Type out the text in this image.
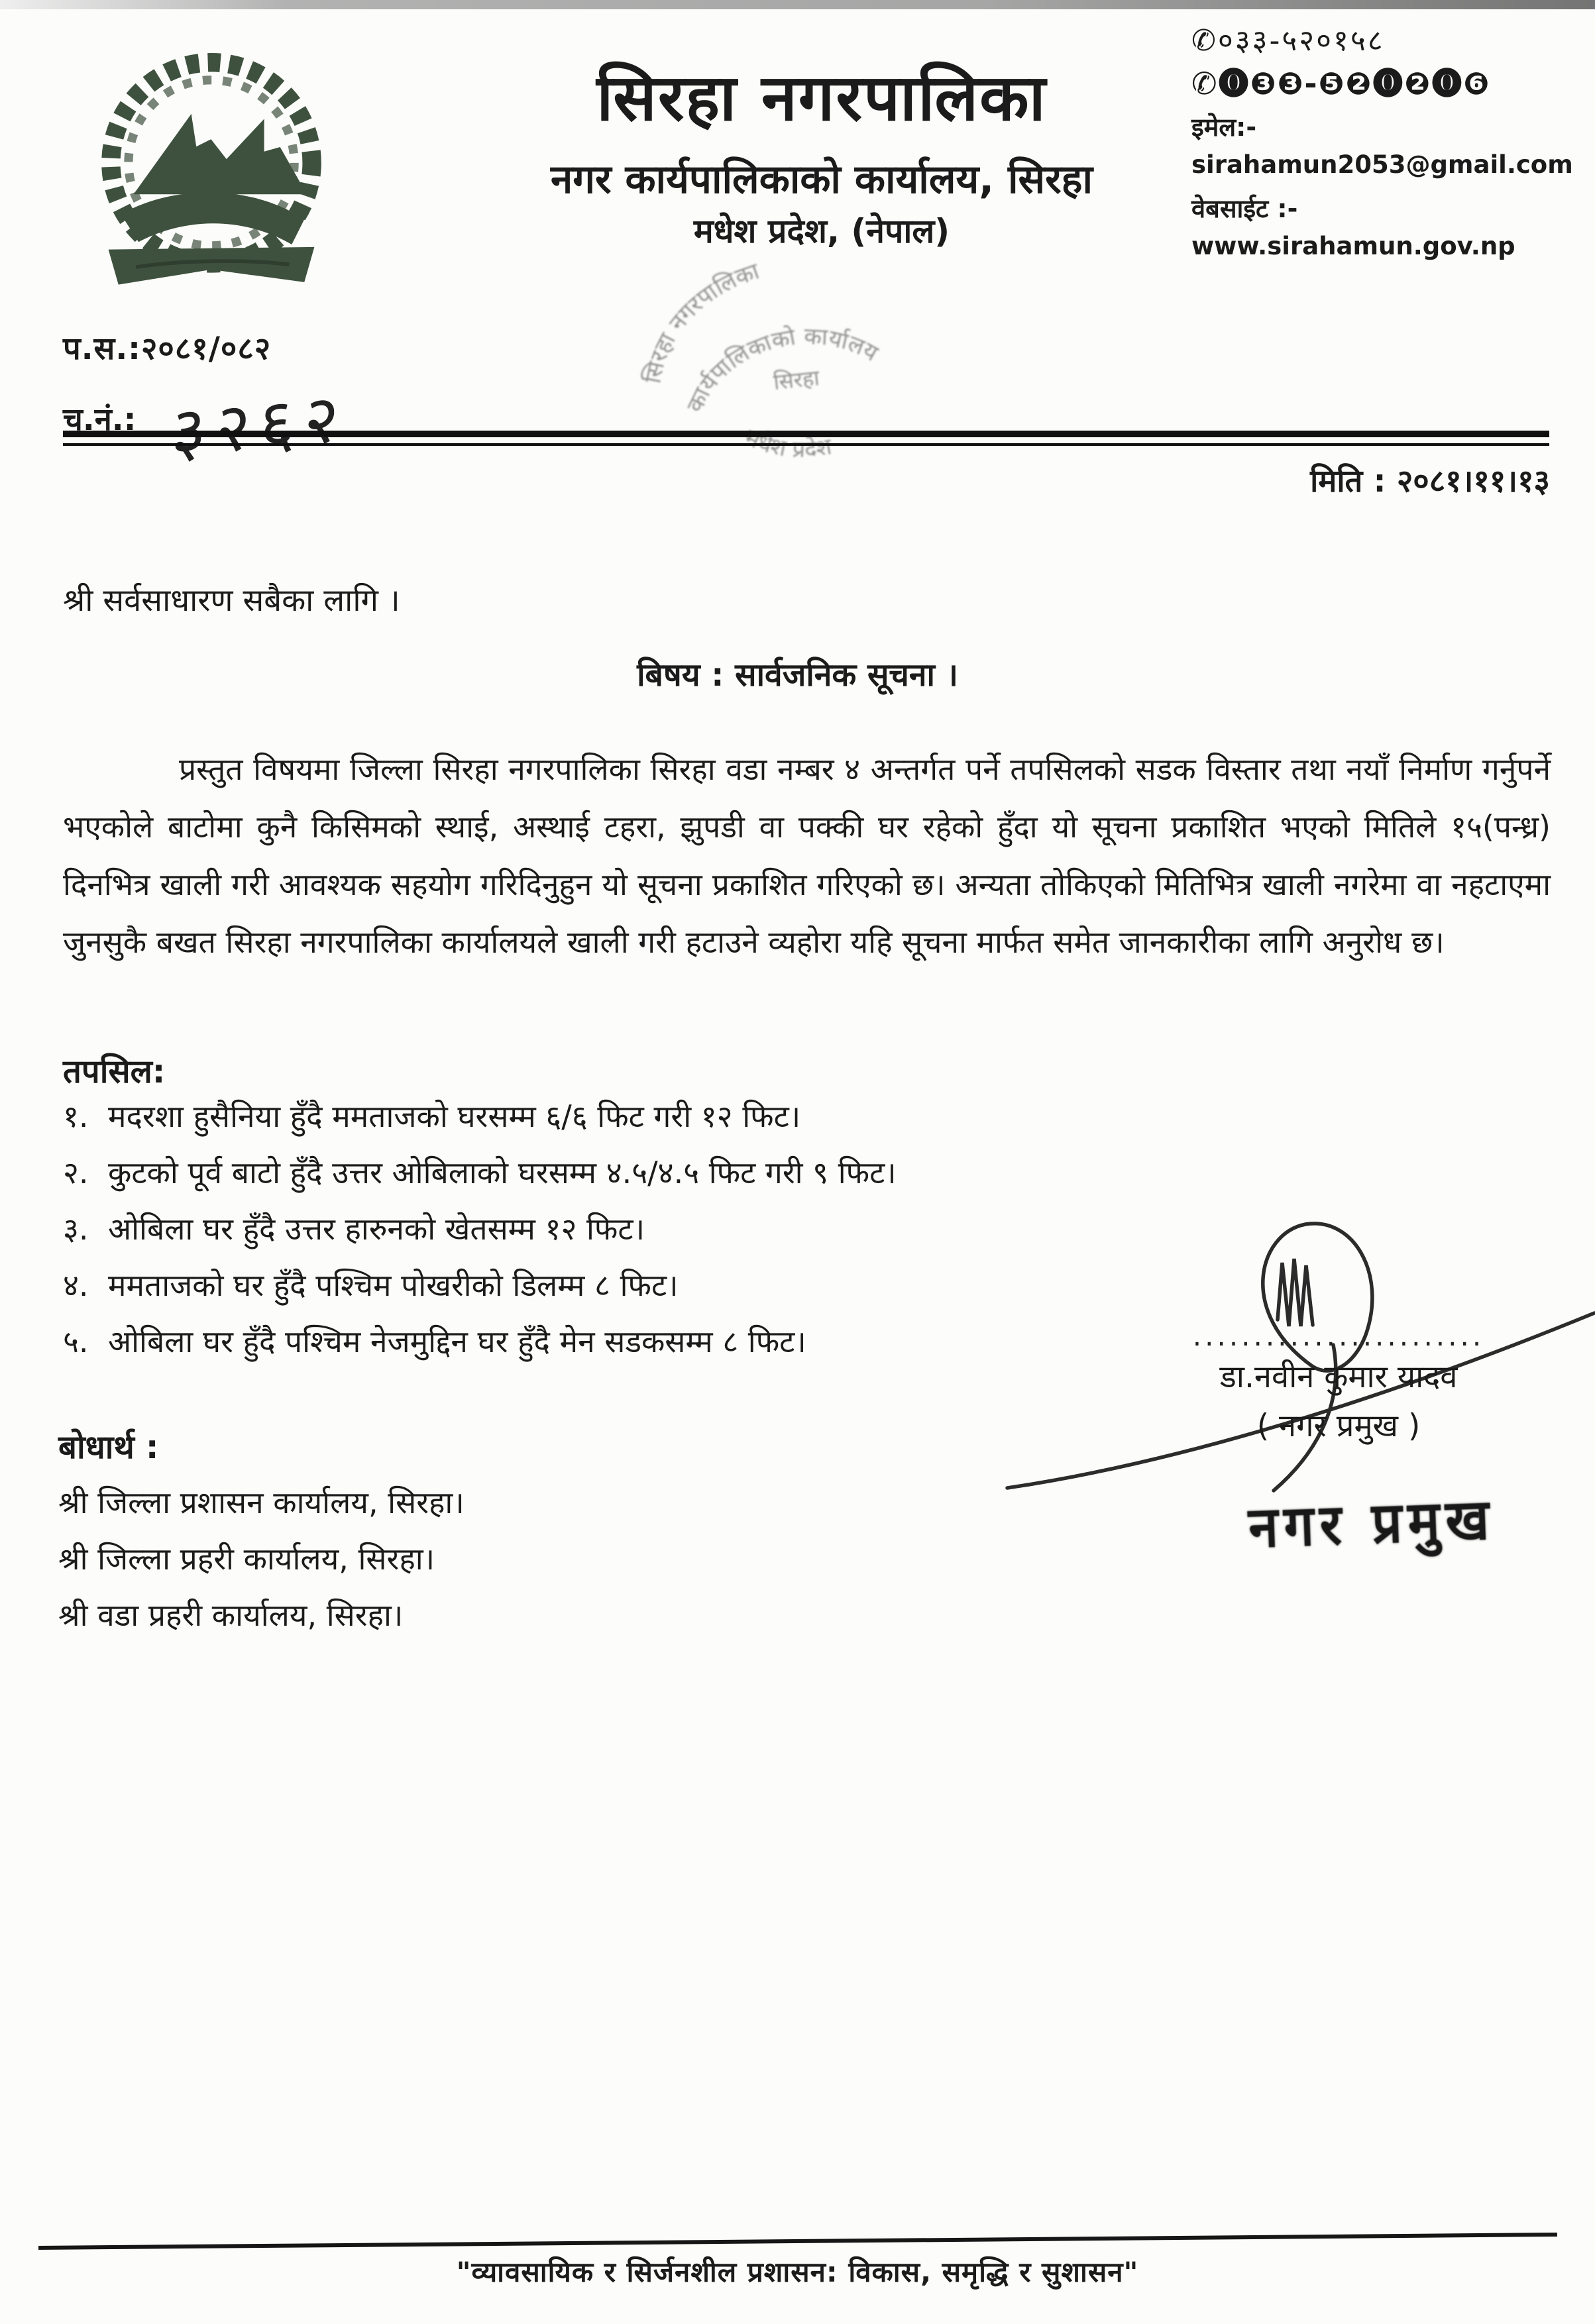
सिरहा नगरपालिका
नगर कार्यपालिकाको कार्यालय, सिरहा
मधेश प्रदेश, (नेपाल)
✆०३३-५२०१५८
✆⓿❸❸-❺❷⓿❷⓿❻
इमेल:- sirahamun2053@gmail.com
वेबसाईट :- www.sirahamun.gov.np
सिरहा नगरपालिका
कार्यपालिकाको कार्यालय
सिरहा
मधेश प्रदेश
प.स.:२०८१/०८२
च.नं.: ३२६२
मिति : २०८१।११।१३
श्री सर्वसाधारण सबैका लागि ।
बिषय : सार्वजनिक सूचना ।
प्रस्तुत विषयमा जिल्ला सिरहा नगरपालिका सिरहा वडा नम्बर ४ अन्तर्गत पर्ने तपसिलको सडक विस्तार तथा नयाँ निर्माण गर्नुपर्ने भएकोले बाटोमा कुनै किसिमको स्थाई, अस्थाई टहरा, झुपडी वा पक्की घर रहेको हुँदा यो सूचना प्रकाशित भएको मितिले १५(पन्ध्र) दिनभित्र खाली गरी आवश्यक सहयोग गरिदिनुहुन यो सूचना प्रकाशित गरिएको छ। अन्यता तोकिएको मितिभित्र खाली नगरेमा वा नहटाएमा जुनसुकै बखत सिरहा नगरपालिका कार्यालयले खाली गरी हटाउने व्यहोरा यहि सूचना मार्फत समेत जानकारीका लागि अनुरोध छ।
तपसिल:
१. मदरशा हुसैनिया हुँदै ममताजको घरसम्म ६/६ फिट गरी १२ फिट।
२. कुटको पूर्व बाटो हुँदै उत्तर ओबिलाको घरसम्म ४.५/४.५ फिट गरी ९ फिट।
३. ओबिला घर हुँदै उत्तर हारुनको खेतसम्म १२ फिट।
४. ममताजको घर हुँदै पश्चिम पोखरीको डिलम्म ८ फिट।
५. ओबिला घर हुँदै पश्चिम नेजमुद्दिन घर हुँदै मेन सडकसम्म ८ फिट।	........................
डा.नवीन कुमार यादव
( नगर प्रमुख )
नगर प्रमुख
बोधार्थ :
श्री जिल्ला प्रशासन कार्यालय, सिरहा।
श्री जिल्ला प्रहरी कार्यालय, सिरहा।
श्री वडा प्रहरी कार्यालय, सिरहा।
"व्यावसायिक र सिर्जनशील प्रशासन: विकास, समृद्धि र सुशासन"
